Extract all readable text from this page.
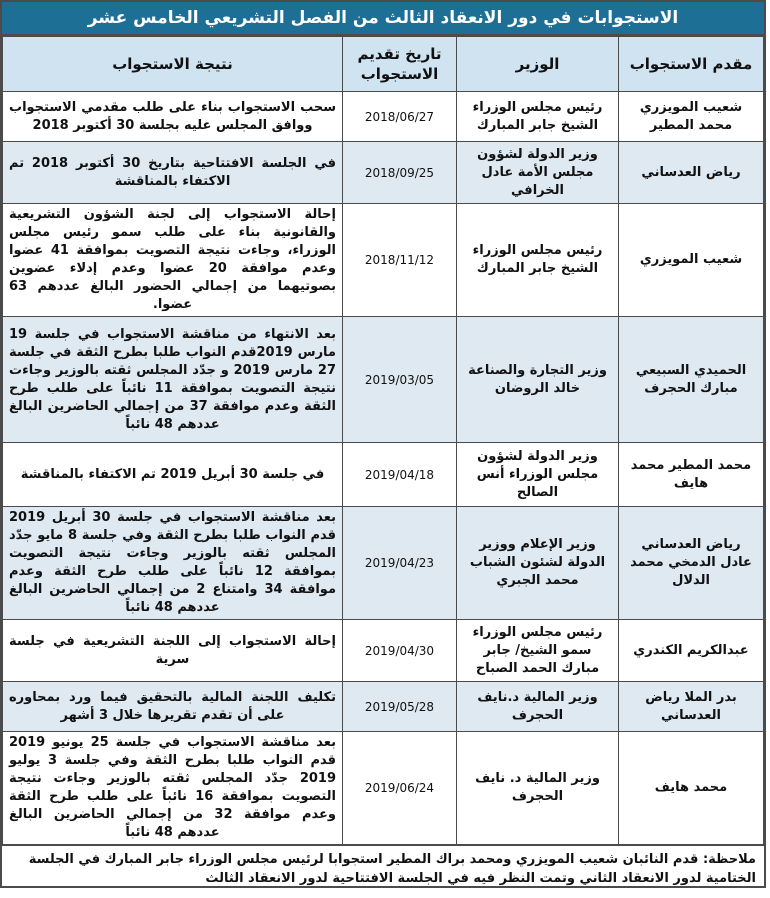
الاستجوابات في دور الانعقاد الثالث من الفصل التشريعي الخامس عشر
مقدم الاستجواب	الوزير	تاريخ تقديم الاستجواب	نتيجة الاستجواب
شعيب المويزري محمد المطير	رئيس مجلس الوزراء الشيخ جابر المبارك	2018/06/27	سحب الاستجواب بناء على طلب مقدمي الاستجواب ووافق المجلس عليه بجلسة 30 أكتوبر 2018
رياض العدساني	وزير الدولة لشؤون مجلس الأمة عادل الخرافي	2018/09/25	في الجلسة الافتتاحية بتاريخ 30 أكتوبر 2018 تم الاكتفاء بالمناقشة
شعيب المويزري	رئيس مجلس الوزراء الشيخ جابر المبارك	2018/11/12	إحالة الاستجواب إلى لجنة الشؤون التشريعية والقانونية بناء على طلب سمو رئيس مجلس الوزراء، وجاءت نتيجة التصويت بموافقة 41 عضوا وعدم موافقة 20 عضوا وعدم إدلاء عضوين بصوتيهما من إجمالي الحضور البالغ عددهم 63 عضوا.
الحميدي السبيعي مبارك الحجرف	وزير التجارة والصناعة خالد الروضان	2019/03/05	بعد الانتهاء من مناقشة الاستجواب في جلسة 19 مارس 2019قدم النواب طلبا بطرح الثقة في جلسة 27 مارس 2019 و جدّد المجلس ثقته بالوزير وجاءت نتيجة التصويت بموافقة 11 نائباً على طلب طرح الثقة وعدم موافقة 37 من إجمالي الحاضرين البالغ عددهم 48 نائباً
محمد المطير محمد هايف	وزير الدولة لشؤون مجلس الوزراء أنس الصالح	2019/04/18	في جلسة 30 أبريل 2019 تم الاكتفاء بالمناقشة
رياض العدساني عادل الدمخي محمد الدلال	وزير الإعلام ووزير الدولة لشئون الشباب محمد الجبري	2019/04/23	بعد مناقشة الاستجواب في جلسة 30 أبريل 2019 قدم النواب طلبا بطرح الثقة وفي جلسة 8 مايو جدّد المجلس ثقته بالوزير وجاءت نتيجة التصويت بموافقة 12 نائباً على طلب طرح الثقة وعدم موافقة 34 وامتناع 2 من إجمالي الحاضرين البالغ عددهم 48 نائباً
عبدالكريم الكندري	رئيس مجلس الوزراء سمو الشيخ/ جابر مبارك الحمد الصباح	2019/04/30	إحالة الاستجواب إلى اللجنة التشريعية في جلسة سرية
بدر الملا رياض العدساني	وزير المالية د.نايف الحجرف	2019/05/28	تكليف اللجنة المالية بالتحقيق فيما ورد بمحاوره على أن تقدم تقريرها خلال 3 أشهر
محمد هايف	وزير المالية د. نايف الحجرف	2019/06/24	بعد مناقشة الاستجواب في جلسة 25 يونيو 2019 قدم النواب طلبا بطرح الثقة وفي جلسة 3 يوليو 2019 جدّد المجلس ثقته بالوزير وجاءت نتيجة التصويت بموافقة 16 نائباً على طلب طرح الثقة وعدم موافقة 32 من إجمالي الحاضرين البالغ عددهم 48 نائباً
ملاحظة: قدم النائبان شعيب المويزري ومحمد براك المطير استجوابا لرئيس مجلس الوزراء جابر المبارك في الجلسة الختامية لدور الانعقاد الثاني وتمت النظر فيه في الجلسة الافتتاحية لدور الانعقاد الثالث
